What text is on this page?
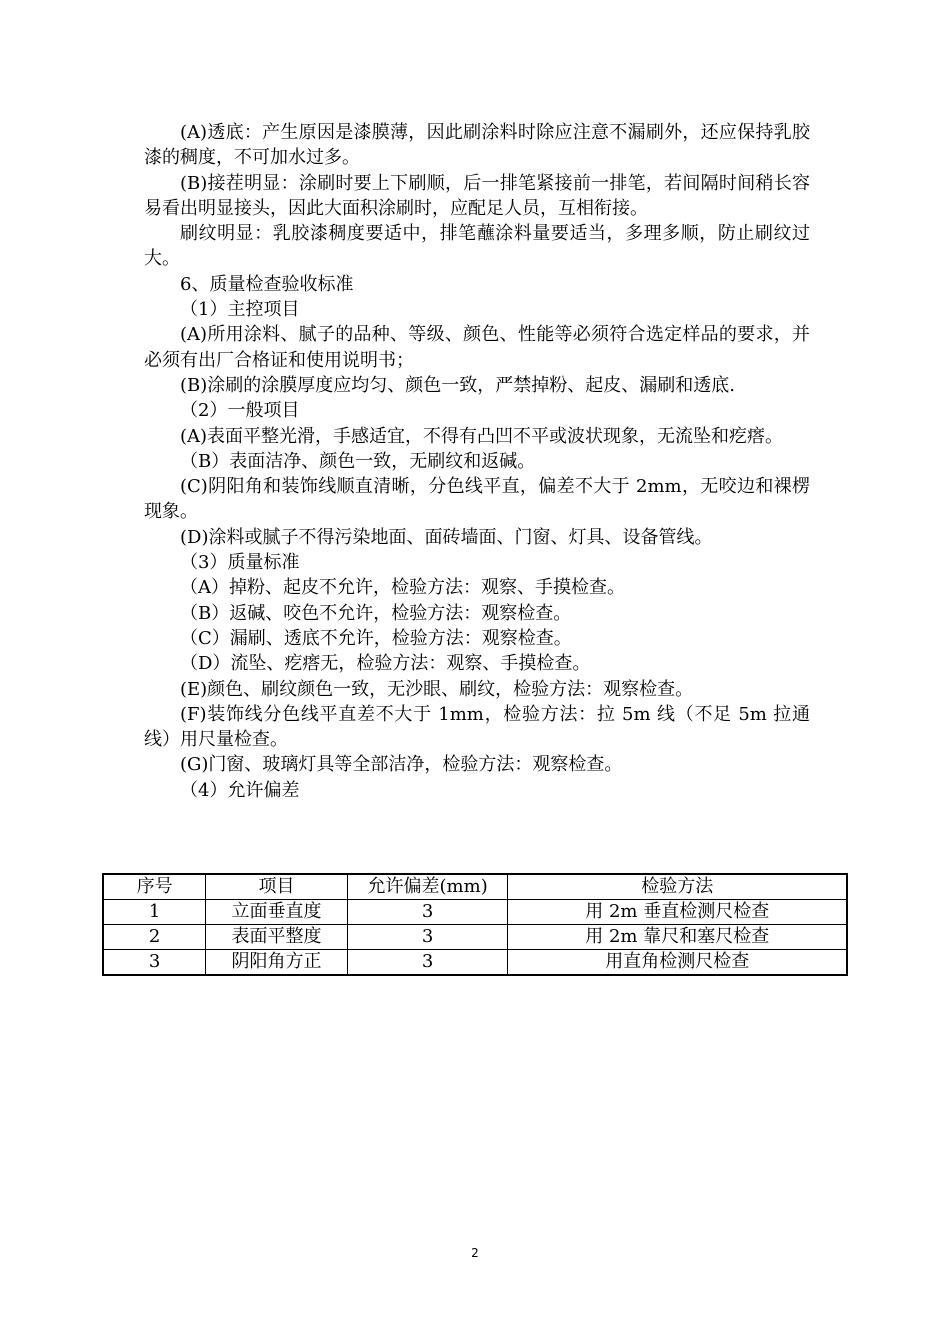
(A)透底：产生原因是漆膜薄，因此刷涂料时除应注意不漏刷外，还应保持乳胶漆的稠度，不可加水过多。

(B)接茬明显：涂刷时要上下刷顺，后一排笔紧接前一排笔，若间隔时间稍长容易看出明显接头，因此大面积涂刷时，应配足人员，互相衔接。

刷纹明显：乳胶漆稠度要适中，排笔蘸涂料量要适当，多理多顺，防止刷纹过大。

6、质量检查验收标准

（1）主控项目

(A)所用涂料、腻子的品种、等级、颜色、性能等必须符合选定样品的要求，并必须有出厂合格证和使用说明书；

(B)涂刷的涂膜厚度应均匀、颜色一致，严禁掉粉、起皮、漏刷和透底.

（2）一般项目

(A)表面平整光滑，手感适宜，不得有凸凹不平或波状现象，无流坠和疙瘩。

（B）表面洁净、颜色一致，无刷纹和返碱。

(C)阴阳角和装饰线顺直清晰，分色线平直，偏差不大于 2mm，无咬边和裸楞现象。

(D)涂料或腻子不得污染地面、面砖墙面、门窗、灯具、设备管线。

（3）质量标准

（A）掉粉、起皮不允许，检验方法：观察、手摸检查。

（B）返碱、咬色不允许，检验方法：观察检查。

（C）漏刷、透底不允许，检验方法：观察检查。

（D）流坠、疙瘩无，检验方法：观察、手摸检查。

(E)颜色、刷纹颜色一致，无沙眼、刷纹，检验方法：观察检查。

(F)装饰线分色线平直差不大于 1mm，检验方法：拉 5m 线（不足 5m 拉通线）用尺量检查。

(G)门窗、玻璃灯具等全部洁净，检验方法：观察检查。

（4）允许偏差

序号	项目	允许偏差(mm)	检验方法
1	立面垂直度	3	用 2m 垂直检测尺检查
2	表面平整度	3	用 2m 靠尺和塞尺检查
3	阴阳角方正	3	用直角检测尺检查
2
